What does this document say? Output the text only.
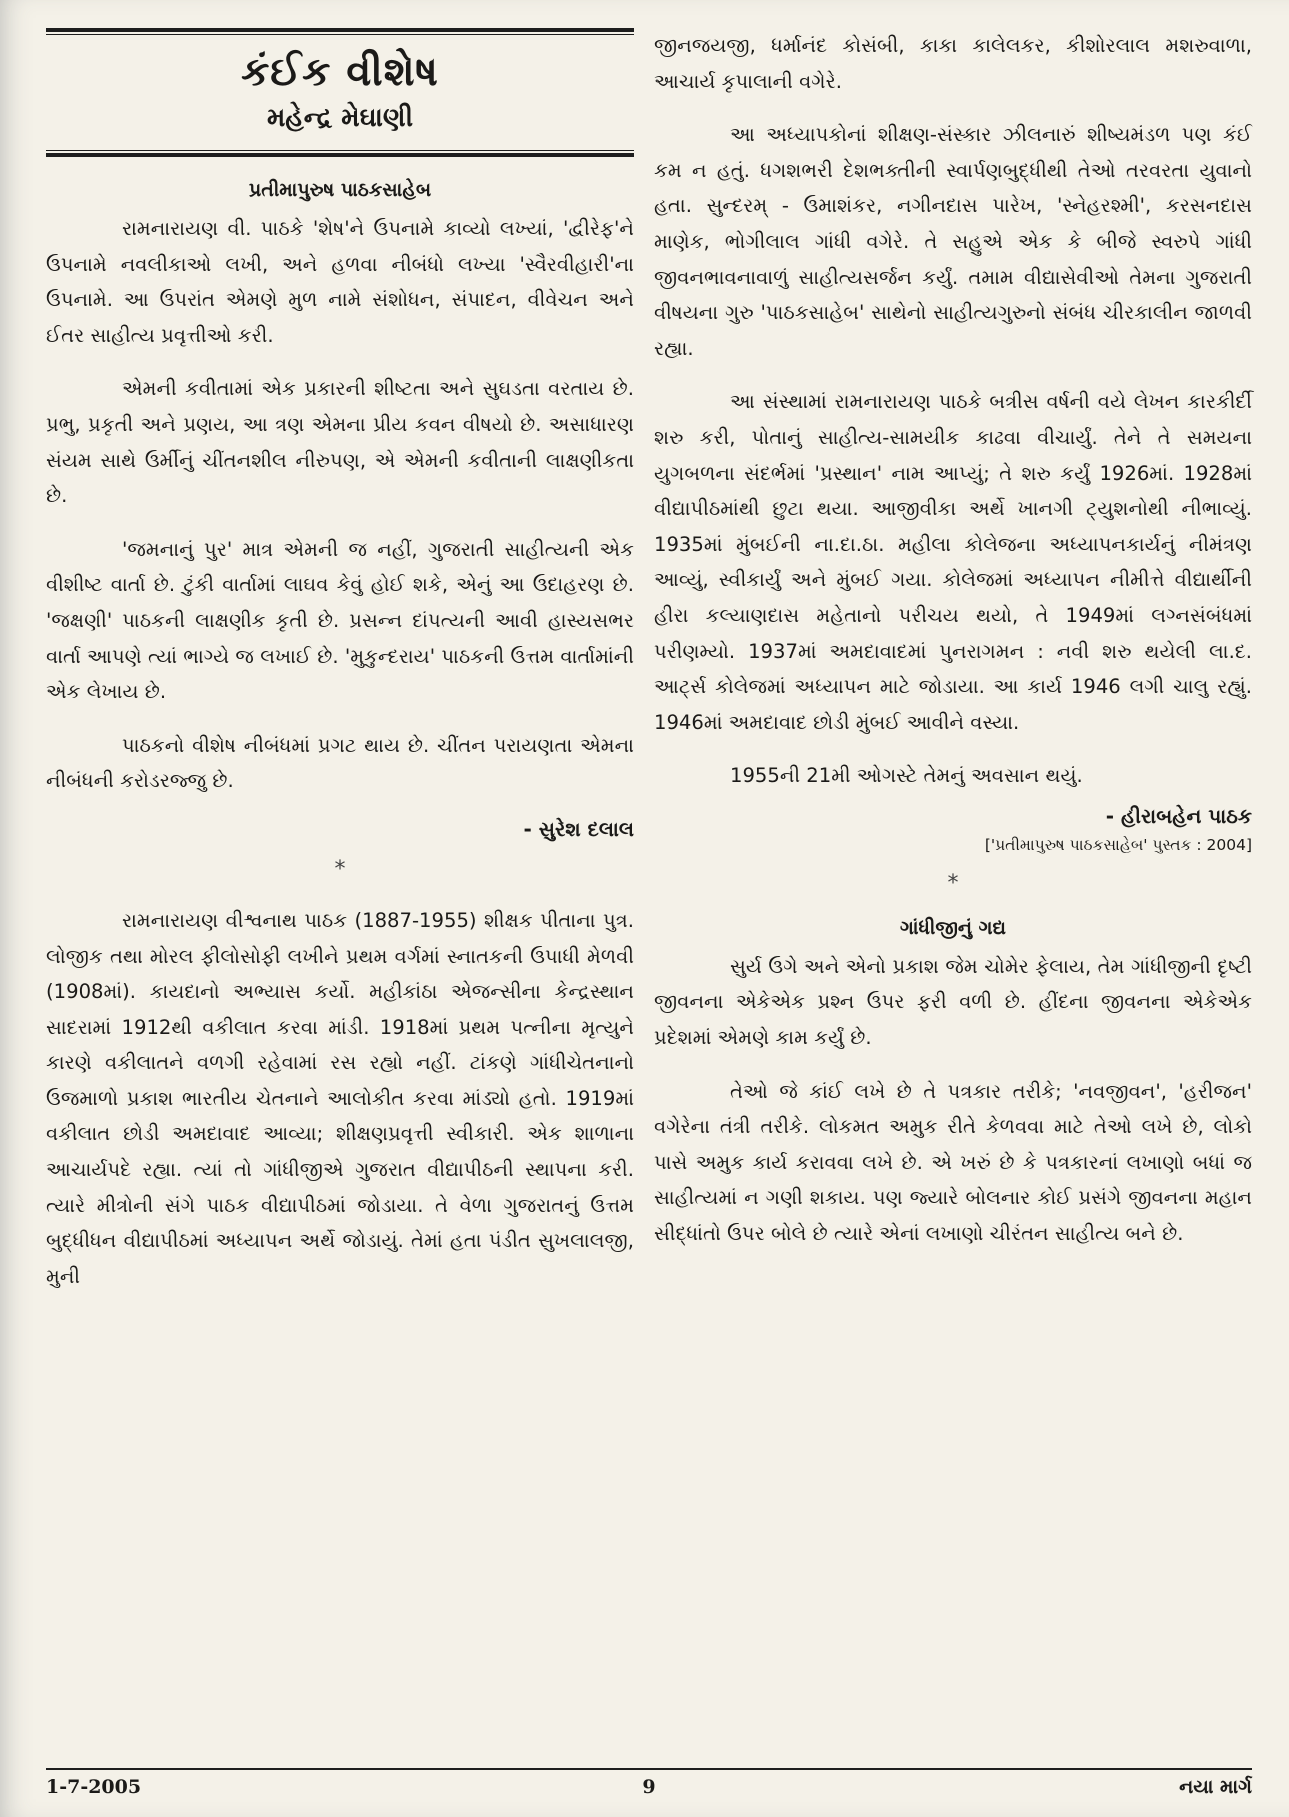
કંઈક વીશેષ
મહેન્દ્ર મેઘાણી
પ્રતીમાપુરુષ પાઠકસાહેબ

રામનારાયણ વી. પાઠકે 'શેષ'ને ઉપનામે કાવ્યો લખ્યાં, 'દ્વીરેફ'ને ઉપનામે નવલીકાઓ લખી, અને હળવા નીબંધો લખ્યા 'સ્વૈરવીહારી'ના ઉપનામે. આ ઉપરાંત એમણે મુળ નામે સંશોધન, સંપાદન, વીવેચન અને ઈતર સાહીત્ય પ્રવૃત્તીઓ કરી.

એમની કવીતામાં એક પ્રકારની શીષ્ટતા અને સુઘડતા વરતાય છે. પ્રભુ, પ્રકૃતી અને પ્રણય, આ ત્રણ એમના પ્રીય કવન વીષયો છે. અસાધારણ સંયમ સાથે ઉર્મીનું ચીંતનશીલ નીરુપણ, એ એમની કવીતાની લાક્ષણીકતા છે.

'જમનાનું પુર' માત્ર એમની જ નહીં, ગુજરાતી સાહીત્યની એક વીશીષ્ટ વાર્તા છે. ટુંકી વાર્તામાં લાઘવ કેવું હોઈ શકે, એનું આ ઉદાહરણ છે. 'જક્ષણી' પાઠકની લાક્ષણીક કૃતી છે. પ્રસન્ન દાંપત્યની આવી હાસ્યસભર વાર્તા આપણે ત્યાં ભાગ્યે જ લખાઈ છે. 'મુકુન્દરાય' પાઠકની ઉત્તમ વાર્તામાંની એક લેખાય છે.

પાઠકનો વીશેષ નીબંધમાં પ્રગટ થાય છે. ચીંતન પરાયણતા એમના નીબંધની કરોડરજ્જુ છે.

- સુરેશ દલાલ
*

રામનારાયણ વીશ્વનાથ પાઠક (1887-1955) શીક્ષક પીતાના પુત્ર. લોજીક તથા મોરલ ફીલોસોફી લખીને પ્રથમ વર્ગમાં સ્નાતકની ઉપાધી મેળવી (1908માં). કાયદાનો અભ્યાસ કર્યો. મહીકાંઠા એજન્સીના કેન્દ્રસ્થાન સાદરામાં 1912થી વકીલાત કરવા માંડી. 1918માં પ્રથમ પત્નીના મૃત્યુને કારણે વકીલાતને વળગી રહેવામાં રસ રહ્યો નહીં. ટાંકણે ગાંધીચેતનાનો ઉજમાળો પ્રકાશ ભારતીય ચેતનાને આલોકીત કરવા માંડ્યો હતો. 1919માં વકીલાત છોડી અમદાવાદ આવ્યા; શીક્ષણપ્રવૃત્તી સ્વીકારી. એક શાળાના આચાર્યપદે રહ્યા. ત્યાં તો ગાંધીજીએ ગુજરાત વીદ્યાપીઠની સ્થાપના કરી. ત્યારે મીત્રોની સંગે પાઠક વીદ્યાપીઠમાં જોડાયા. તે વેળા ગુજરાતનું ઉત્તમ બુદ્ધીધન વીદ્યાપીઠમાં અધ્યાપન અર્થે જોડાયું. તેમાં હતા પંડીત સુખલાલજી, મુની

જીનજયજી, ધર્માનંદ કોસંબી, કાકા કાલેલકર, કીશોરલાલ મશરુવાળા, આચાર્ય કૃપાલાની વગેરે.

આ અધ્યાપકોનાં શીક્ષણ-સંસ્કાર ઝીલનારું શીષ્યમંડળ પણ કંઈ કમ ન હતું. ધગશભરી દેશભક્તીની સ્વાર્પણબુદ્ધીથી તેઓ તરવરતા યુવાનો હતા. સુન્દરમ્ - ઉમાશંકર, નગીનદાસ પારેખ, 'સ્નેહરશ્મી', કરસનદાસ માણેક, ભોગીલાલ ગાંધી વગેરે. તે સહુએ એક કે બીજે સ્વરુપે ગાંધી જીવનભાવનાવાળું સાહીત્યસર્જન કર્યું. તમામ વીદ્યાસેવીઓ તેમના ગુજરાતી વીષયના ગુરુ 'પાઠકસાહેબ' સાથેનો સાહીત્યગુરુનો સંબંધ ચીરકાલીન જાળવી રહ્યા.

આ સંસ્થામાં રામનારાયણ પાઠકે બત્રીસ વર્ષની વયે લેખન કારકીર્દી શરુ કરી, પોતાનું સાહીત્ય-સામયીક કાઢવા વીચાર્યું. તેને તે સમયના યુગબળના સંદર્ભમાં 'પ્રસ્થાન' નામ આપ્યું; તે શરુ કર્યું 1926માં. 1928માં વીદ્યાપીઠમાંથી છુટા થયા. આજીવીકા અર્થે ખાનગી ટ્યુશનોથી નીભાવ્યું. 1935માં મુંબઈની ના.દા.ઠા. મહીલા કોલેજના અધ્યાપનકાર્યનું નીમંત્રણ આવ્યું, સ્વીકાર્યું અને મુંબઈ ગયા. કોલેજમાં અધ્યાપન નીમીત્તે વીદ્યાર્થીની હીરા કલ્યાણદાસ મહેતાનો પરીચય થયો, તે 1949માં લગ્નસંબંધમાં પરીણમ્યો. 1937માં અમદાવાદમાં પુનરાગમન : નવી શરુ થયેલી લા.દ. આર્ટ્સ કોલેજમાં અધ્યાપન માટે જોડાયા. આ કાર્ય 1946 લગી ચાલુ રહ્યું. 1946માં અમદાવાદ છોડી મુંબઈ આવીને વસ્યા.

1955ની 21મી ઓગસ્ટે તેમનું અવસાન થયું.

- હીરાબહેન પાઠક
['પ્રતીમાપુરુષ પાઠકસાહેબ' પુસ્તક : 2004]
*
ગાંધીજીનું ગદ્ય

સુર્ય ઉગે અને એનો પ્રકાશ જેમ ચોમેર ફેલાય, તેમ ગાંધીજીની દૃષ્ટી જીવનના એકેએક પ્રશ્ન ઉપર ફરી વળી છે. હીંદના જીવનના એકેએક પ્રદેશમાં એમણે કામ કર્યું છે.

તેઓ જે કાંઈ લખે છે તે પત્રકાર તરીકે; 'નવજીવન', 'હરીજન' વગેરેના તંત્રી તરીકે. લોકમત અમુક રીતે કેળવવા માટે તેઓ લખે છે, લોકો પાસે અમુક કાર્ય કરાવવા લખે છે. એ ખરું છે કે પત્રકારનાં લખાણો બધાં જ સાહીત્યમાં ન ગણી શકાય. પણ જ્યારે બોલનાર કોઈ પ્રસંગે જીવનના મહાન સીદ્ધાંતો ઉપર બોલે છે ત્યારે એનાં લખાણો ચીરંતન સાહીત્ય બને છે.

1-7-2005	9	નયા માર્ગ
